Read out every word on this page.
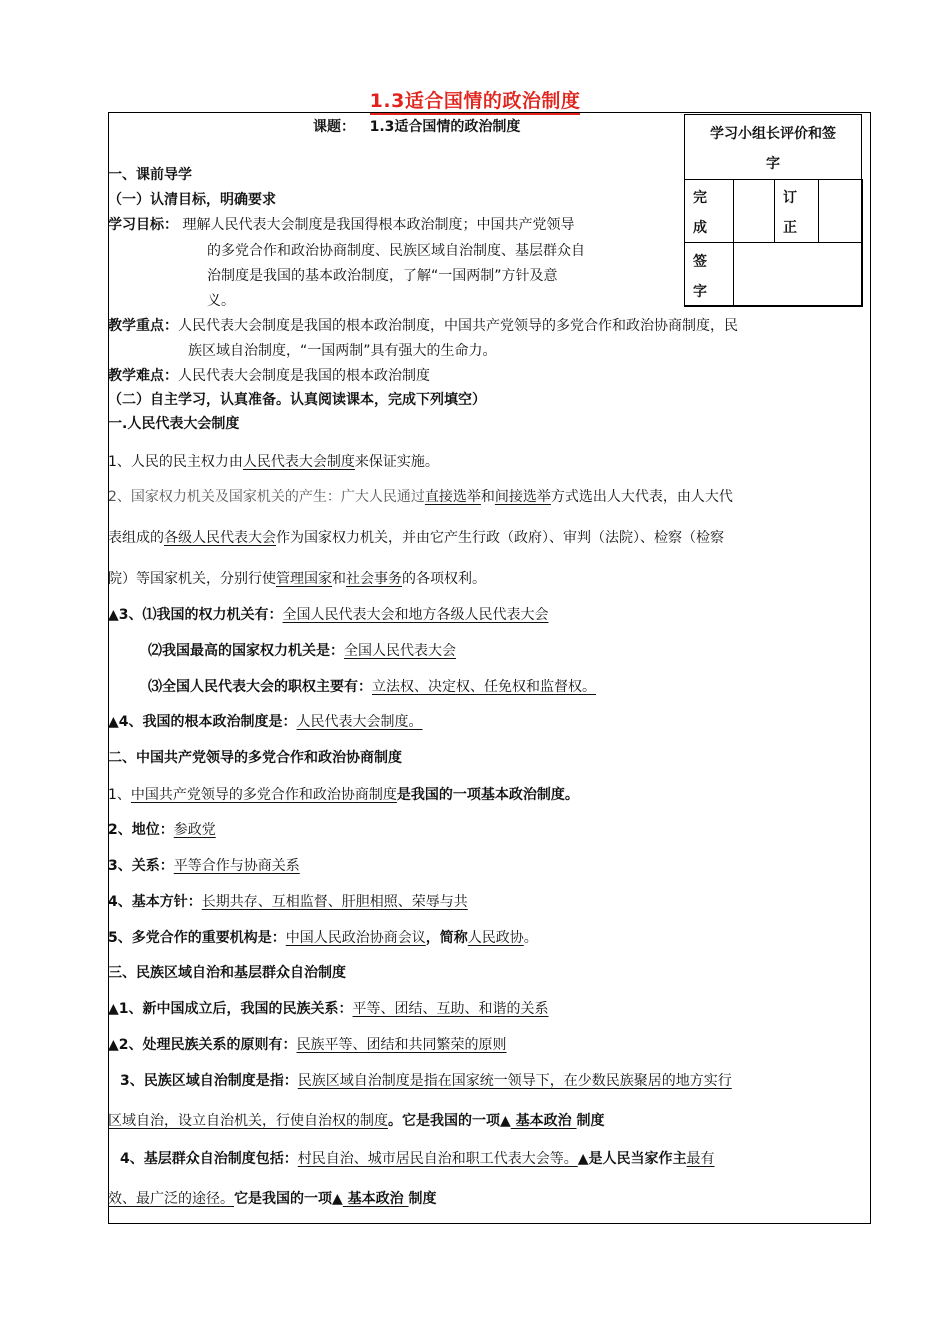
1.3适合国情的政治制度
学习小组长评价和签
字
完
成
订
正
签
字
课题： 1.3适合国情的政治制度
一、课前导学
（一）认清目标，明确要求
学习目标： 理解人民代表大会制度是我国得根本政治制度；中国共产党领导
的多党合作和政治协商制度、民族区域自治制度、基层群众自
治制度是我国的基本政治制度，了解“一国两制”方针及意
义。
教学重点：人民代表大会制度是我国的根本政治制度，中国共产党领导的多党合作和政治协商制度，民
族区域自治制度，“一国两制”具有强大的生命力。
教学难点：人民代表大会制度是我国的根本政治制度
（二）自主学习，认真准备。认真阅读课本，完成下列填空）
一.人民代表大会制度
1、人民的民主权力由人民代表大会制度来保证实施。
2、国家权力机关及国家机关的产生：广大人民通过直接选举和间接选举方式选出人大代表，由人大代
表组成的各级人民代表大会作为国家权力机关，并由它产生行政（政府）、审判（法院）、检察（检察
院）等国家机关，分别行使管理国家和社会事务的各项权利。
▲3、⑴我国的权力机关有：全国人民代表大会和地方各级人民代表大会
⑵我国最高的国家权力机关是：全国人民代表大会
⑶全国人民代表大会的职权主要有：立法权、决定权、任免权和监督权。
▲4、我国的根本政治制度是：人民代表大会制度。
二、中国共产党领导的多党合作和政治协商制度
1、中国共产党领导的多党合作和政治协商制度是我国的一项基本政治制度。
2、地位：参政党
3、关系：平等合作与协商关系
4、基本方针：长期共存、互相监督、肝胆相照、荣辱与共
5、多党合作的重要机构是：中国人民政治协商会议，简称人民政协。
三、民族区域自治和基层群众自治制度
▲1、新中国成立后，我国的民族关系：平等、团结、互助、和谐的关系
▲2、处理民族关系的原则有：民族平等、团结和共同繁荣的原则
3、民族区域自治制度是指：民族区域自治制度是指在国家统一领导下，在少数民族聚居的地方实行
区域自治，设立自治机关，行使自治权的制度。它是我国的一项▲ 基本政治 制度
4、基层群众自治制度包括：村民自治、城市居民自治和职工代表大会等。▲是人民当家作主最有
效、最广泛的途径。它是我国的一项▲ 基本政治 制度
